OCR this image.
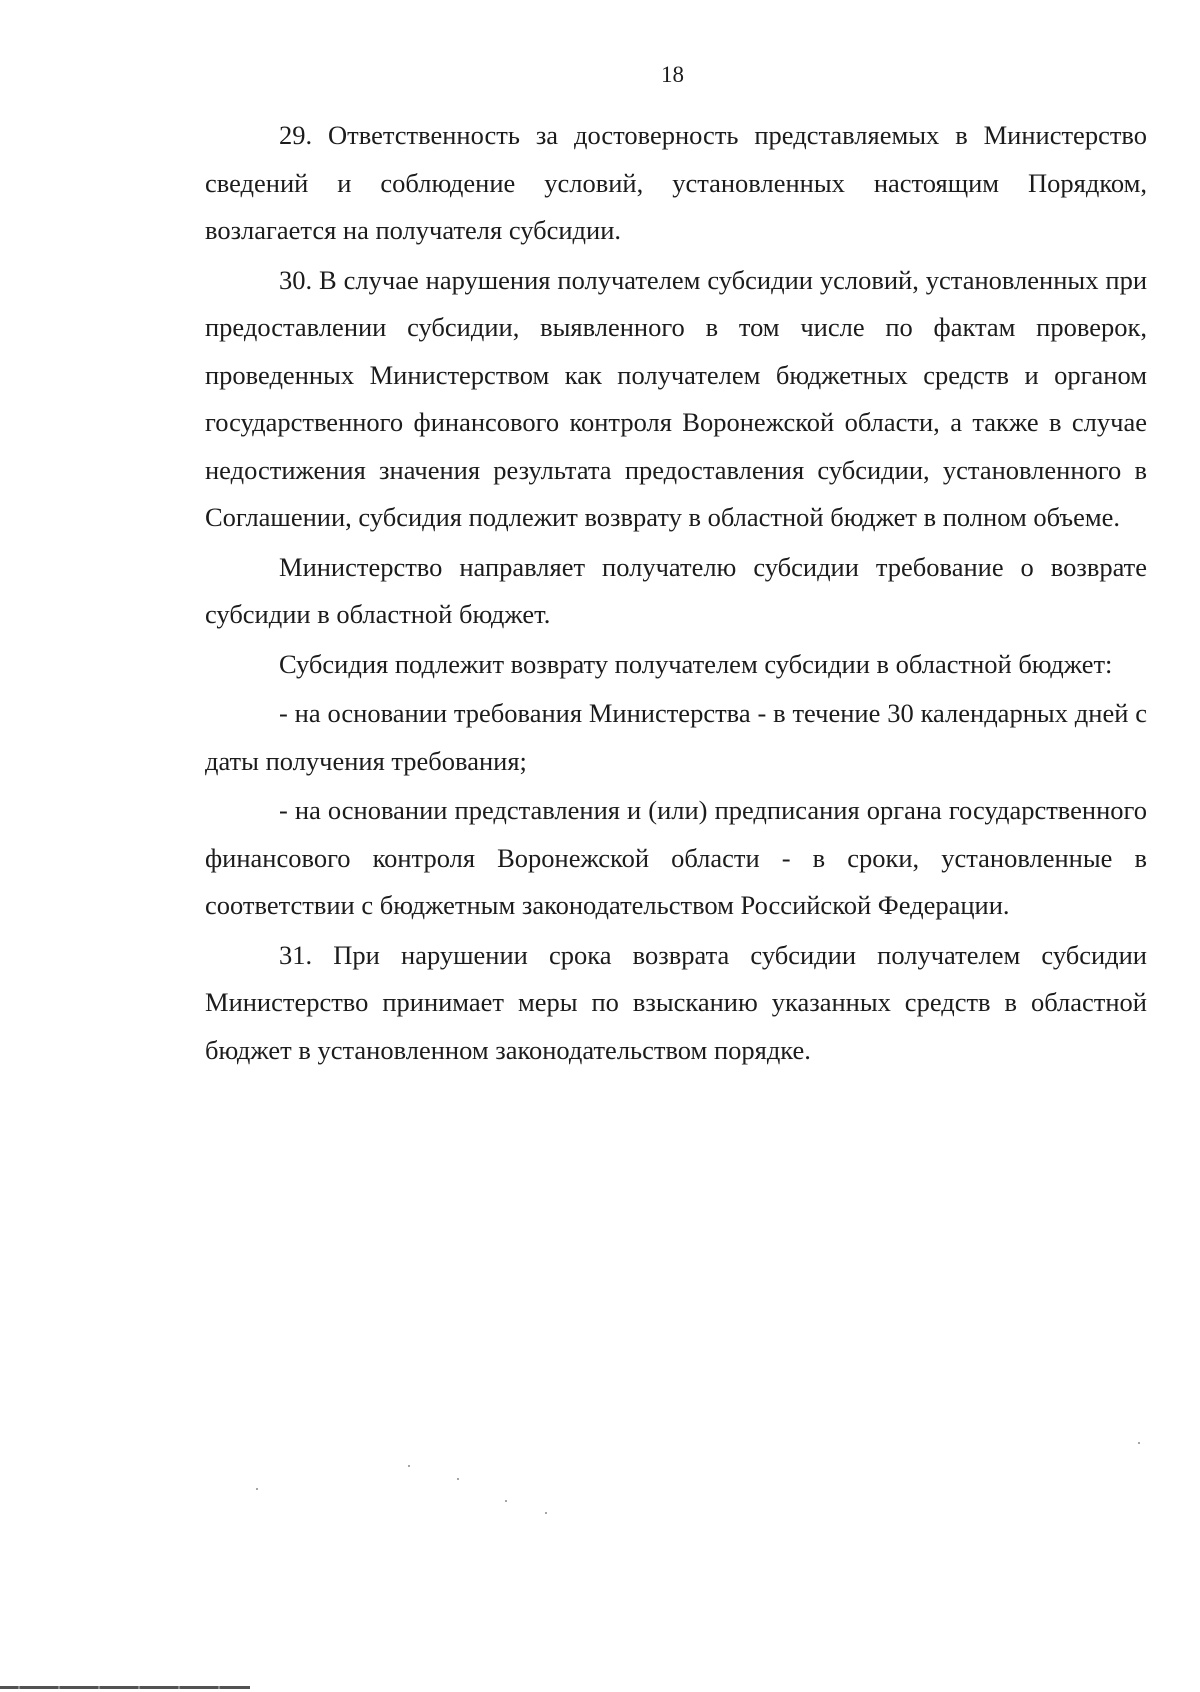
18

29. Ответственность за достоверность представляемых в Министерство сведений и соблюдение условий, установленных настоящим Порядком, возлагается на получателя субсидии.

30. В случае нарушения получателем субсидии условий, установленных при предоставлении субсидии, выявленного в том числе по фактам проверок, проведенных Министерством как получателем бюджетных средств и органом государственного финансового контроля Воронежской области, а также в случае недостижения значения результата предоставления субсидии, установленного в Соглашении, субсидия подлежит возврату в областной бюджет в полном объеме.

Министерство направляет получателю субсидии требование о возврате субсидии в областной бюджет.

Субсидия подлежит возврату получателем субсидии в областной бюджет:

- на основании требования Министерства - в течение 30 календарных дней с даты получения требования;

- на основании представления и (или) предписания органа государственного финансового контроля Воронежской области - в сроки, установленные в соответствии с бюджетным законодательством Российской Федерации.

31. При нарушении срока возврата субсидии получателем субсидии Министерство принимает меры по взысканию указанных средств в областной бюджет в установленном законодательством порядке.
